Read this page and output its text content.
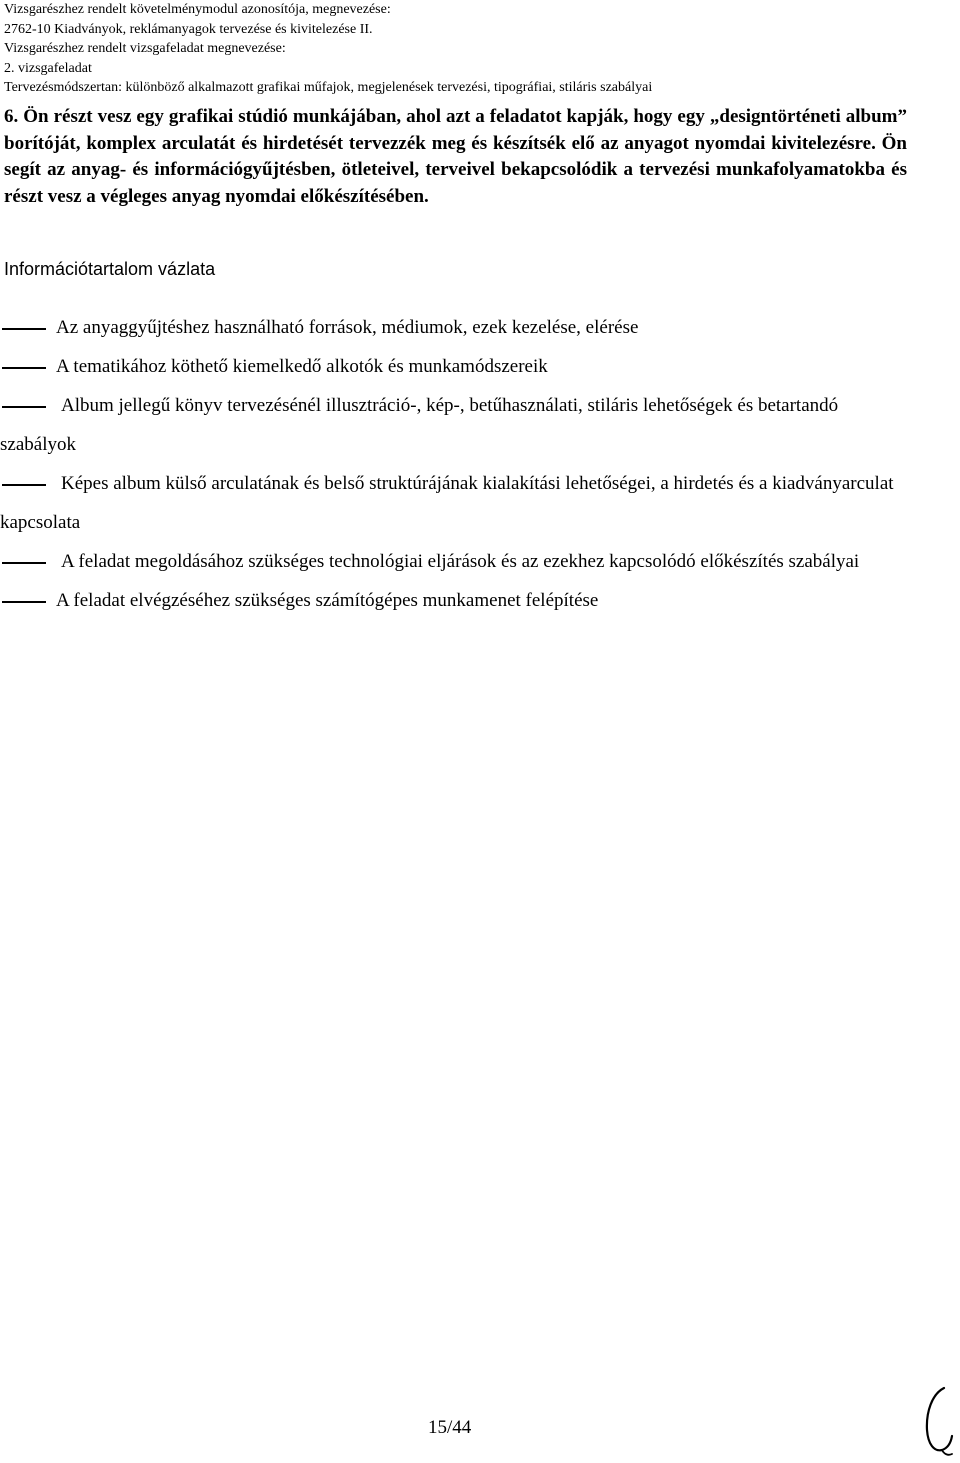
Vizsgarészhez rendelt követelménymodul azonosítója, megnevezése:
2762-10 Kiadványok, reklámanyagok tervezése és kivitelezése II.
Vizsgarészhez rendelt vizsgafeladat megnevezése:
2. vizsgafeladat
Tervezésmódszertan: különböző alkalmazott grafikai műfajok, megjelenések tervezési, tipográfiai, stiláris szabályai

6. Ön részt vesz egy grafikai stúdió munkájában, ahol azt a feladatot kapják, hogy egy „designtörténeti album” borítóját, komplex arculatát és hirdetését tervezzék meg és készítsék elő az anyagot nyomdai kivitelezésre. Ön segít az anyag- és információgyűjtésben, ötleteivel, terveivel bekapcsolódik a tervezési munkafolyamatokba és részt vesz a végleges anyag nyomdai előkészítésében.

Információtartalom vázlata
Az anyaggyűjtéshez használható források, médiumok, ezek kezelése, elérése
A tematikához köthető kiemelkedő alkotók és munkamódszereik
Album jellegű könyv tervezésénél illusztráció-, kép-, betűhasználati, stiláris lehetőségek és betartandó szabályok
Képes album külső arculatának és belső struktúrájának kialakítási lehetőségei, a hirdetés és a kiadványarculat kapcsolata
A feladat megoldásához szükséges technológiai eljárások és az ezekhez kapcsolódó előkészítés szabályai
A feladat elvégzéséhez szükséges számítógépes munkamenet felépítése
15/44
